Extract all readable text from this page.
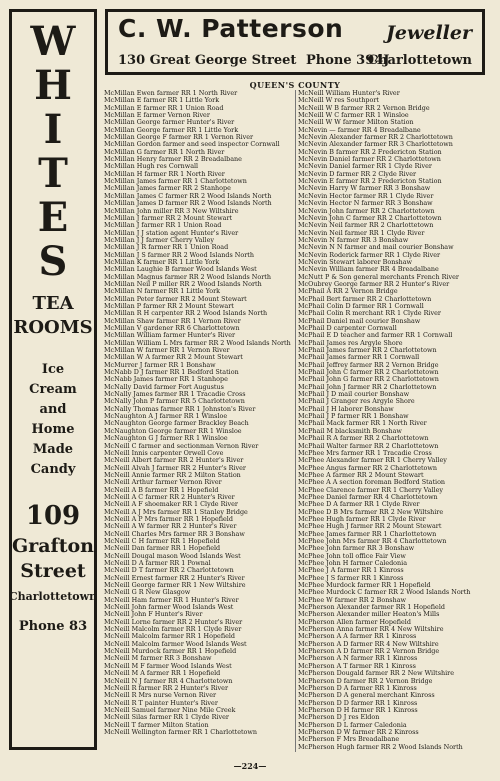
W
H
I
T
E
S
TEA
ROOMS
Ice
Cream
and
Home
Made
Candy
109
Grafton
Street
Charlottetown
Phone 83
C. W. Patterson Jeweller
130 Great George Street Phone 394J
Charlottetown
QUEEN'S COUNTY
McMillan Ewen farmer RR 1 North River
McMillan E farmer RR 1 Little York
McMillan E farmer RR 1 Union Road
McMillan E farmer Vernon River
McMillan George farmer Hunter's River
McMillan George farmer RR 1 Little York
McMillan George F farmer RR 1 Vernon River
McMillan Gordon farmer and seed inspector Cornwall
McMillan G farmer RR 1 North River
McMillan Henry farmer RR 2 Breadalbane
McMillan Hugh res Cornwall
McMillan H farmer RR 1 North River
McMillan James farmer RR 1 Charlottetown
McMillan James farmer RR 2 Stanhope
McMillan James C farmer RR 2 Wood Islands North
McMillan James D farmer RR 2 Wood Islands North
McMillan John miller RR 3 New Wiltshire
McMillan J farmer RR 2 Mount Stewart
McMillan J farmer RR 1 Union Road
McMillan J J station agent Hunter's River
McMillan J J farmer Cherry Valley
McMillan J R farmer RR 1 Union Road
McMillan J S farmer RR 2 Wood Islands North
McMillan K farmer RR 1 Little York
McMillan Laughie B farmer Wood Islands West
McMillan Magnus farmer RR 2 Wood Islands North
McMillan Neil P miller RR 2 Wood Islands North
McMillan N farmer RR 1 Little York
McMillan Peter farmer RR 2 Mount Stewart
McMillan P farmer RR 2 Mount Stewart
McMillan R H carpenter RR 2 Wood Islands North
McMillan Shaw farmer RR 1 Vernon River
McMillan V gardener RR 6 Charlottetown
McMillan William farmer Hunter's River
McMillan William L Mrs farmer RR 2 Wood Islands North
McMillan W farmer RR 1 Vernon River
McMillan W A farmer RR 2 Mount Stewart
McMurrer J farmer RR 1 Bonshaw
McNabb D J farmer RR 1 Bedford Station
McNabb James farmer RR 1 Stanhope
McNally David farmer Fort Augustus
McNally James farmer RR 1 Tracadie Cross
McNally John P farmer RR 5 Charlottetown
McNally Thomas farmer RR 1 Johnston's River
McNaughton A J farmer RR 1 Winsloe
McNaughton George farmer Brackley Beach
McNaughton George farmer RR 1 Winsloe
McNaughton G J farmer RR 1 Winsloe
McNeill C farmer and sectionman Vernon River
McNeill Innis carpenter Orwell Cove
McNeill Albert farmer RR 2 Hunter's River
McNeill Alvah J farmer RR 2 Hunter's River
McNeill Annie farmer RR 2 Milton Station
McNeill Arthur farmer Vernon River
McNeill A B farmer RR 1 Hopefield
McNeill A C farmer RR 2 Hunter's River
McNeill A F shoemaker RR 1 Clyde River
McNeill A J Mrs farmer RR 1 Stanley Bridge
McNeill A P Mrs farmer RR 1 Hopefield
McNeill A W farmer RR 2 Hunter's River
McNeill Charles Mrs farmer RR 3 Bonshaw
McNeill C H farmer RR 1 Hopefield
McNeill Dan farmer RR 1 Hopefield
McNeill Dougal mason Wood Islands West
McNeill D A farmer RR 1 Pownal
McNeill D T farmer RR 2 Charlottetown
McNeill Ernest farmer RR 2 Hunter's River
McNeill George farmer RR 1 New Wiltshire
McNeill G R New Glasgow
McNeill Ham farmer RR 1 Hunter's River
McNeill John farmer Wood Islands West
McNeill John F Hunter's River
McNeill Lorne farmer RR 2 Hunter's River
McNeill Malcolm farmer RR 1 Clyde River
McNeill Malcolm farmer RR 1 Hopefield
McNeill Malcolm farmer Wood Islands West
McNeill Murdock farmer RR 1 Hopefield
McNeill M farmer RR 3 Bonshaw
McNeill M F farmer Wood Islands West
McNeill M A farmer RR 1 Hopefield
McNeill N J farmer RR 4 Charlottetown
McNeill R farmer RR 2 Hunter's River
McNeill R Mrs nurse Vernon River
McNeill R T painter Hunter's River
McNeill Samuel farmer Nine Mile Creek
McNeill Silas farmer RR 1 Clyde River
McNeill T farmer Milton Station
McNeill Wellington farmer RR 1 Charlottetown
McNeill William Hunter's River
McNeill W res Southport
McNeill W B farmer RR 2 Vernon Bridge
McNeill W C farmer RR 1 Winsloe
McNeill W W farmer Milton Station
McNevin — farmer RR 4 Breadalbane
McNevin Alexander farmer RR 2 Charlottetown
McNevin Alexander farmer RR 3 Charlottetown
McNevin B farmer RR 2 Fredericton Station
McNevin Daniel farmer RR 2 Charlottetown
McNevin Daniel farmer RR 1 Clyde River
McNevin D farmer RR 2 Clyde River
McNevin E farmer RR 2 Fredericton Station
McNevin Harry W farmer RR 3 Bonshaw
McNevin Hector farmer RR 1 Clyde River
McNevin Hector N farmer RR 3 Bonshaw
McNevin John farmer RR 2 Charlottetown
McNevin John C farmer RR 2 Charlottetown
McNevin Neil farmer RR 2 Charlottetown
McNevin Neil farmer RR 1 Clyde River
McNevin N farmer RR 3 Bonshaw
McNevin N N farmer and mail courier Bonshaw
McNevin Roderick farmer RR 1 Clyde River
McNevin Stewart laborer Bonshaw
McNevin William farmer RR 4 Breadalbane
McNutt P & Son general merchants French River
McOubrey George farmer RR 2 Hunter's River
McPhail A RR 2 Vernon Bridge
McPhail Bert farmer RR 2 Charlottetown
McPhail Colin D farmer RR 1 Cornwall
McPhail Colin R merchant RR 1 Clyde River
McPhail Daniel mail courier Bonshaw
McPhail D carpenter Cornwall
McPhail E D teacher and farmer RR 1 Cornwall
McPhail James res Argyle Shore
McPhail James farmer RR 2 Charlottetown
McPhail James farmer RR 1 Cornwall
McPhail Jeffrey farmer RR 2 Vernon Bridge
McPhail John C farmer RR 2 Charlottetown
McPhail John G farmer RR 2 Charlottetown
McPhail John J farmer RR 2 Charlottetown
McPhail J D mail courier Bonshaw
McPhail J Granger res Argyle Shore
McPhail J H laborer Bonshaw
McPhail J P farmer RR 1 Bonshaw
McPhail Mack farmer RR 1 North River
McPhail M blacksmith Bonshaw
McPhail R A farmer RR 2 Charlottetown
McPhail Walter farmer RR 2 Charlottetown
McPhee Mrs farmer RR 1 Tracadie Cross
McPhee Alexander farmer RR 1 Cherry Valley
McPhee Angus farmer RR 2 Charlottetown
McPhee A farmer RR 2 Mount Stewart
McPhee A A section foreman Bedford Station
McPhee Clarence farmer RR 1 Cherry Valley
McPhee Daniel farmer RR 4 Charlottetown
McPhee D A farmer RR 1 Clyde River
McPhee D B Mrs farmer RR 2 New Wiltshire
McPhee Hugh farmer RR 1 Clyde River
McPhee Hugh J farmer RR 2 Mount Stewart
McPhee James farmer RR 1 Charlottetown
McPhee John Mrs farmer RR 4 Charlottetown
McPhee John farmer RR 3 Bonshaw
McPhee John toll office Fair View
McPhee John H farmer Caledonia
McPhee J A farmer RR 1 Kinross
McPhee J S farmer RR 1 Kinross
McPhee Murdock farmer RR 1 Hopefield
McPhee Murdock C farmer RR 2 Wood Islands North
McPhee W farmer RR 2 Bonshaw
McPherson Alexander farmer RR 1 Hopefield
McPherson Alexander miller Heaton's Mills
McPherson Allen farmer Hopefield
McPherson Anna farmer RR 4 New Wiltshire
McPherson A A farmer RR 1 Kinross
McPherson A D farmer RR 4 New Wiltshire
McPherson A D farmer RR 2 Vernon Bridge
McPherson A N farmer RR 1 Kinross
McPherson A T farmer RR 1 Kinross
McPherson Dougald farmer RR 2 New Wiltshire
McPherson D farmer RR 2 Vernon Bridge
McPherson D A farmer RR 1 Kinross
McPherson D A general merchant Kinross
McPherson D D farmer RR 1 Kinross
McPherson D H farmer RR 1 Kinross
McPherson D J res Eldon
McPherson D L farmer Caledonia
McPherson D W farmer RR 2 Kinross
McPherson F Mrs Breadalbane
McPherson Hugh farmer RR 2 Wood Islands North
—224—
